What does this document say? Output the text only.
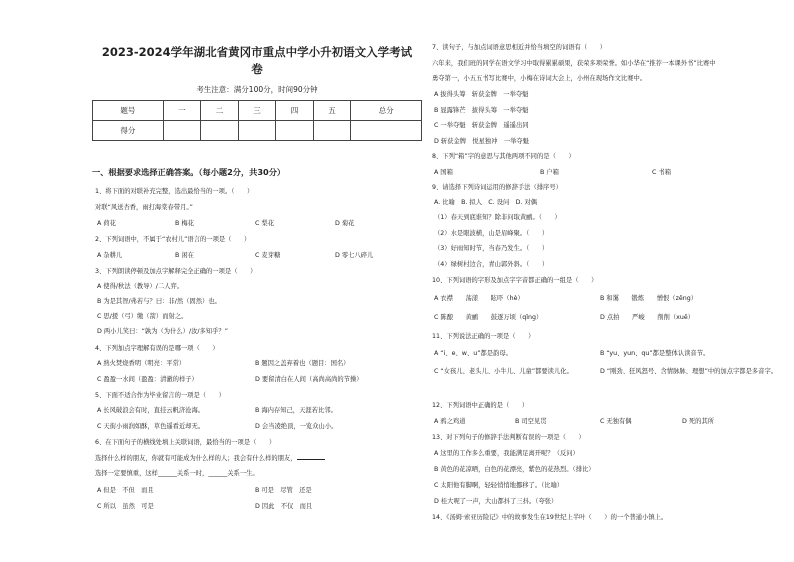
2023-2024学年湖北省黄冈市重点中学小升初语文入学考试
卷
考生注意：满分100分，时间90分钟
题号	一	二	三	四	五	总分
得分						
一、根据要求选择正确答案。（每小题2分，共30分）
1、将下面的对联补充完整，选出最恰当的一项。（　　）
对联“风送杏香，雨打海棠春带月。”
A 荷花	B 梅花	C 梨花	D 菊花
2、下列词语中，不属于“农村儿”语言的一项是（　　）
A 杂耕儿	B 闲在	C 麦芽糖	D 零七八碎儿
3、下列朗读停顿及加点字解释完全正确的一项是（　　）
A 使得/秋法（教导）/二人弈。
B 为是其智/弗若与？曰：非/然（固然）也。
C 思/援（弓）缴（箭）而射之。
D 两小儿笑曰：“孰为（为什么）/汝/多知乎？”
4、下列加点字理解有误的是哪一项（　　）
A 熟火焚烧香明（明亮：平常）	B 题因之盖弃着也（题目：国名）
C 盈盈一水间（盈盈：清澈的样子）	D 要留清白在人间（高尚高尚的节操）
5、下面不适合作为毕业留言的一项是（　　）
A 长风破浪会有时，直挂云帆济沧海。	B 海内存知己，天涯若比邻。
C 天街小雨润如酥，草色遥看近却无。	D 会当凌绝顶，一览众山小。
6、在下面句子的横线处填上关联词语，最恰当的一项是（　　）
选择什么样的朋友，你就有可能成为什么样的人；我会有什么样的朋友，
选择一定要慎重，这样______关系一时，______关系一生。
A 但是　不但　而且	B 可是　尽管　还是
C 所以　虽然　可是	D 因此　不仅　而且
7、读句子，与加点词语意思相近并恰当填空的词语有（　　）
六年来，我们班的同学在语文学习中取得累累硕果，获荣多项荣誉。如小华在“推荐一本课外书”比赛中
勇夺第一，小五五书写比赛中，小梅在诗词大会上，小州在现场作文比赛中。
A 拔得头筹　斩获金牌　一举夺魁
B 显露锋芒　拔得头筹　一举夺魁
C 一举夺魁　斩获金牌　遥遥出同
D 斩获金牌　悦星独冲　一举夺魁
8、下列“箱”字的意思与其他两项不同的是（　　）
A 国箱	B 户箱	C 书箱
9、请选择下列诗词运用的修辞手法（排序号）
A. 比喻　B. 拟人　C. 设问　D. 对偶
（1）春天到底谁知？除非问取黄鹂。（　　）
（2）水是眼波横，山是眉峰聚。（　　）
（3）好雨知时节，当春乃发生。（　　）
（4）绿树村边合，青山郭外斜。（　　）
10、下列词语的字形及加点字字音都正确的一组是（　　）
A 衣襟　　荡漾　　眩吓（hè）	B 和霭　　锻炼　　憎恨（zēng）
C 陈酿　　黄鹂　　鼓逐万顷（qǐng）	D 点拍　　严峻　　削削（xuē）
11、下列说法正确的一项是（　　）
A “i、e、w、u”都是韵母。	B “yu、yun、qu”都是整体认读音节。
C “女孩儿、老头儿、小牛儿、儿童”都要读儿化。	D “刚劲、狂风怒号、含情脉脉、理想”中的加点字都是多音字。
12、下列词语中正确的是（　　）
A 鸦之鸡道	B 司空见贯	C 无独有偶	D 死的其所
13、对下列句子的修辞手法判断有误的一项是（　　）
A 这里的工作多么重要，我能满足离开呢？（反问）
B 黄色的花凉晒，白色的花漂亮，紫色的花热烈。（排比）
C 太阳他有脚啊，轻轻悄悄地挪移了。（比喻）
D 桂大呢了一声，大山都抖了三抖。（夸张）
14、《汤姆·索亚历险记》中的故事发生在19世纪上半叶（　　）的一个普通小镇上。
